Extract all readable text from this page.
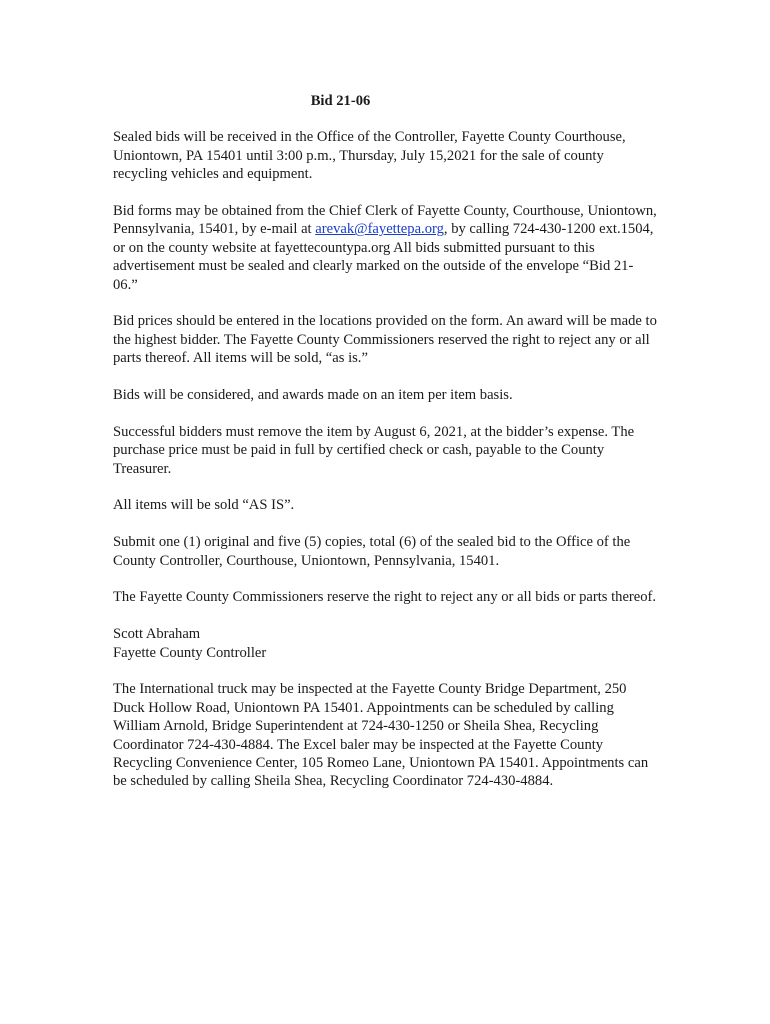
Bid 21-06

Sealed bids will be received in the Office of the Controller, Fayette County Courthouse, Uniontown, PA 15401 until 3:00 p.m., Thursday, July 15,2021 for the sale of county recycling vehicles and equipment.

Bid forms may be obtained from the Chief Clerk of Fayette County, Courthouse, Uniontown, Pennsylvania, 15401, by e-mail at arevak@fayettepa.org, by calling 724-430-1200 ext.1504, or on the county website at fayettecountypa.org All bids submitted pursuant to this advertisement must be sealed and clearly marked on the outside of the envelope “Bid 21-06.”

Bid prices should be entered in the locations provided on the form. An award will be made to the highest bidder. The Fayette County Commissioners reserved the right to reject any or all parts thereof. All items will be sold, “as is.”

Bids will be considered, and awards made on an item per item basis.

Successful bidders must remove the item by August 6, 2021, at the bidder’s expense. The purchase price must be paid in full by certified check or cash, payable to the County Treasurer.

All items will be sold “AS IS”.

Submit one (1) original and five (5) copies, total (6) of the sealed bid to the Office of the County Controller, Courthouse, Uniontown, Pennsylvania, 15401.

The Fayette County Commissioners reserve the right to reject any or all bids or parts thereof.

Scott Abraham
Fayette County Controller

The International truck may be inspected at the Fayette County Bridge Department, 250 Duck Hollow Road, Uniontown PA 15401. Appointments can be scheduled by calling William Arnold, Bridge Superintendent at 724-430-1250 or Sheila Shea, Recycling Coordinator 724-430-4884. The Excel baler may be inspected at the Fayette County Recycling Convenience Center, 105 Romeo Lane, Uniontown PA 15401. Appointments can be scheduled by calling Sheila Shea, Recycling Coordinator 724-430-4884.
